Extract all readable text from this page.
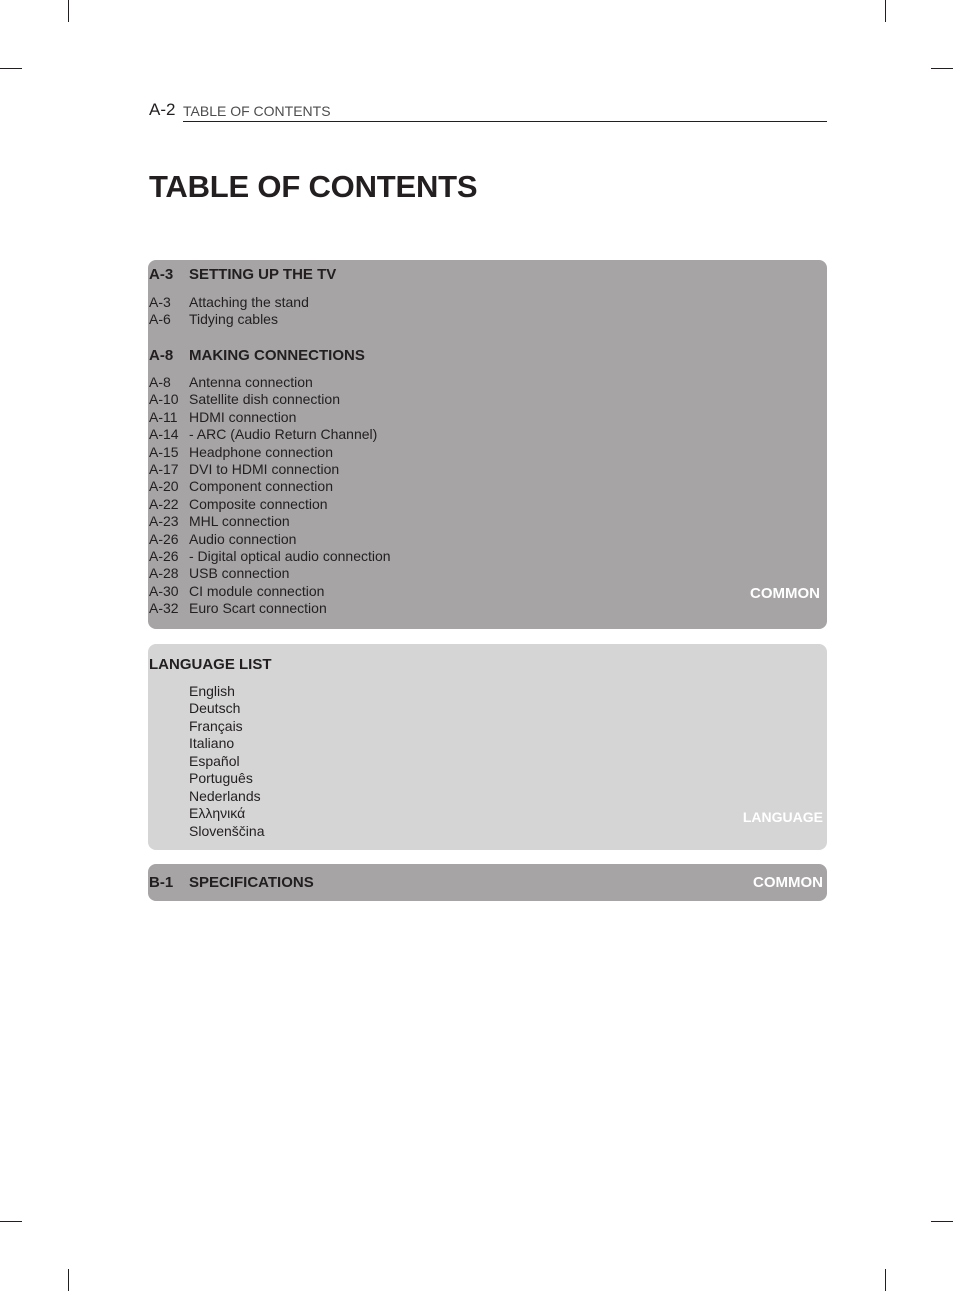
A-2 TABLE OF CONTENTS
TABLE OF CONTENTS
A-3 SETTING UP THE TV
A-3 Attaching the stand
A-6 Tidying cables
A-8 MAKING CONNECTIONS
A-8 Antenna connection
A-10 Satellite dish connection
A-11 HDMI connection
A-14 - ARC (Audio Return Channel)
A-15 Headphone connection
A-17 DVI to HDMI connection
A-20 Component connection
A-22 Composite connection
A-23 MHL connection
A-26 Audio connection
A-26 - Digital optical audio connection
A-28 USB connection
A-30 CI module connection
A-32 Euro Scart connection
COMMON
LANGUAGE LIST
English
Deutsch
Français
Italiano
Español
Português
Nederlands
Ελληνικά
Slovenščina
LANGUAGE
B-1 SPECIFICATIONS	COMMON
